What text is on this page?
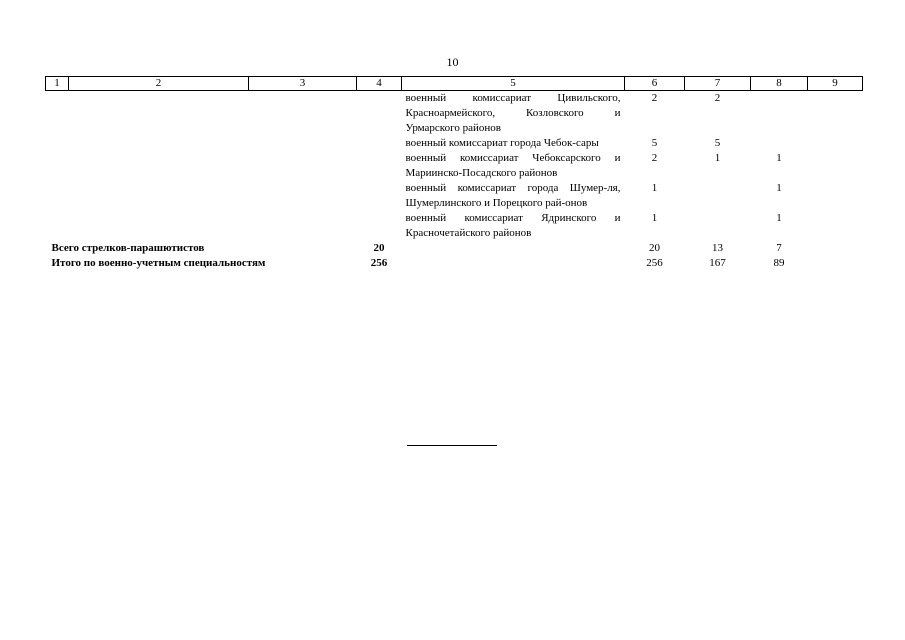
10
1	2	3	4	5	6	7	8	9
				военный комиссариат Цивильского, Красноармейского, Козловского и Урмарского районов	2	2		
				военный комиссариат города Чебок-сары	5	5		
				военный комиссариат Чебоксарского и Мариинско-Посадского районов	2	1	1	
				военный комиссариат города Шумер-ля, Шумерлинского и Порецкого рай-онов	1		1	
				военный комиссариат Ядринского и Красночетайского районов	1		1	
Всего стрелков-парашютистов			20		20	13	7	
Итого по военно-учетным специальностям			256		256	167	89	
